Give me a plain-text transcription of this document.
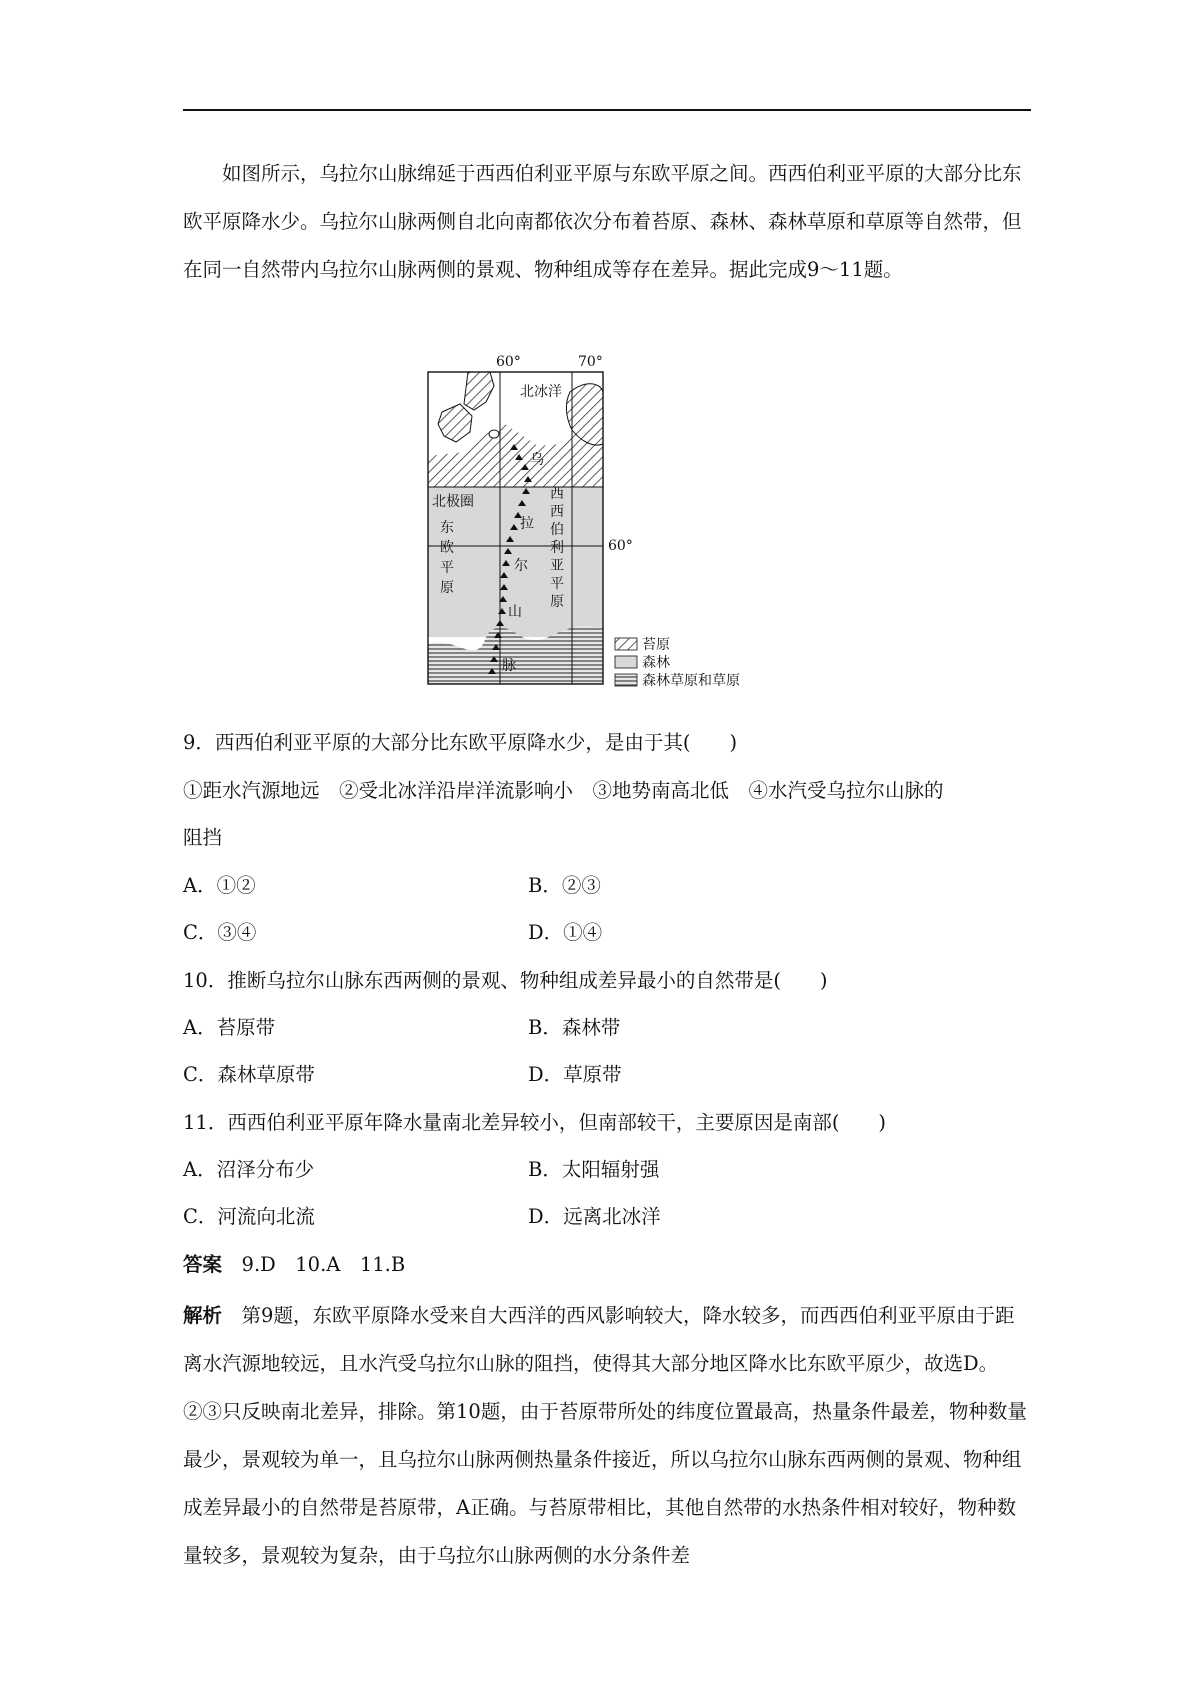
如图所示，乌拉尔山脉绵延于西西伯利亚平原与东欧平原之间。西西伯利亚平原的大部分比东欧平原降水少。乌拉尔山脉两侧自北向南都依次分布着苔原、森林、森林草原和草原等自然带，但在同一自然带内乌拉尔山脉两侧的景观、物种组成等存在差异。据此完成9～11题。
60°	70°
北冰洋
北极圈
60°
东
欧
平
原
西
西
伯
利
亚
平
原
乌
拉
尔
山
脉
苔原
森林
森林草原和草原
9．西西伯利亚平原的大部分比东欧平原降水少，是由于其(　　)
①距水汽源地远　②受北冰洋沿岸洋流影响小　③地势南高北低　④水汽受乌拉尔山脉的
阻挡
A．①②	B．②③
C．③④	D．①④
10．推断乌拉尔山脉东西两侧的景观、物种组成差异最小的自然带是(　　)
A．苔原带	B．森林带
C．森林草原带	D．草原带
11．西西伯利亚平原年降水量南北差异较小，但南部较干，主要原因是南部(　　)
A．沼泽分布少	B．太阳辐射强
C．河流向北流	D．远离北冰洋
答案　 9.D　10.A　11.B
解析　 第9题，东欧平原降水受来自大西洋的西风影响较大，降水较多，而西西伯利亚平原由于距离水汽源地较远，且水汽受乌拉尔山脉的阻挡，使得其大部分地区降水比东欧平原少，故选D。②③只反映南北差异，排除。第10题，由于苔原带所处的纬度位置最高，热量条件最差，物种数量最少，景观较为单一，且乌拉尔山脉两侧热量条件接近，所以乌拉尔山脉东西两侧的景观、物种组成差异最小的自然带是苔原带，A正确。与苔原带相比，其他自然带的水热条件相对较好，物种数量较多，景观较为复杂，由于乌拉尔山脉两侧的水分条件差
